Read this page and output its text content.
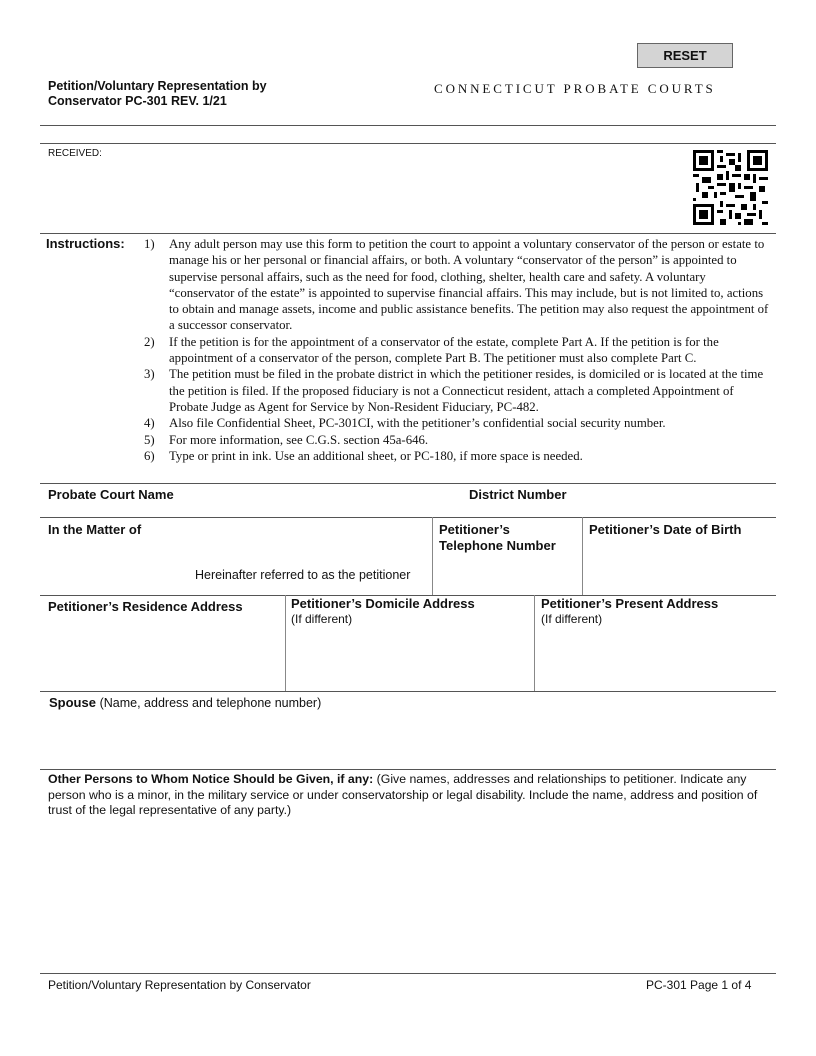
RESET
Petition/Voluntary Representation by Conservator PC-301 REV. 1/21
CONNECTICUT PROBATE COURTS
RECEIVED:
Instructions: 1)	Any adult person may use this form to petition the court to appoint a voluntary conservator of the person or estate to manage his or her personal or financial affairs, or both. A voluntary “conservator of the person” is appointed to supervise personal affairs, such as the need for food, clothing, shelter, health care and safety. A voluntary “conservator of the estate” is appointed to supervise financial affairs. This may include, but is not limited to, actions to obtain and manage assets, income and public assistance benefits. The petition may also request the appointment of a successor conservator.
2)	If the petition is for the appointment of a conservator of the estate, complete Part A. If the petition is for the appointment of a conservator of the person, complete Part B. The petitioner must also complete Part C.
3)	The petition must be filed in the probate district in which the petitioner resides, is domiciled or is located at the time the petition is filed. If the proposed fiduciary is not a Connecticut resident, attach a completed Appointment of Probate Judge as Agent for Service by Non-Resident Fiduciary, PC-482.
4)	Also file Confidential Sheet, PC-301CI, with the petitioner’s confidential social security number.
5)	For more information, see C.G.S. section 45a-646.
6)	Type or print in ink. Use an additional sheet, or PC-180, if more space is needed.
Probate Court Name	District Number
In the Matter of
Hereinafter referred to as the petitioner
Petitioner’s Telephone Number
Petitioner’s Date of Birth
Petitioner’s Residence Address	Petitioner’s Domicile Address
(If different)
Petitioner’s Present Address
(If different)
Spouse (Name, address and telephone number)
Other Persons to Whom Notice Should be Given, if any: (Give names, addresses and relationships to petitioner. Indicate any person who is a minor, in the military service or under conservatorship or legal disability. Include the name, address and position of trust of the legal representative of any party.)
Petition/Voluntary Representation by Conservator	PC-301 Page 1 of 4
